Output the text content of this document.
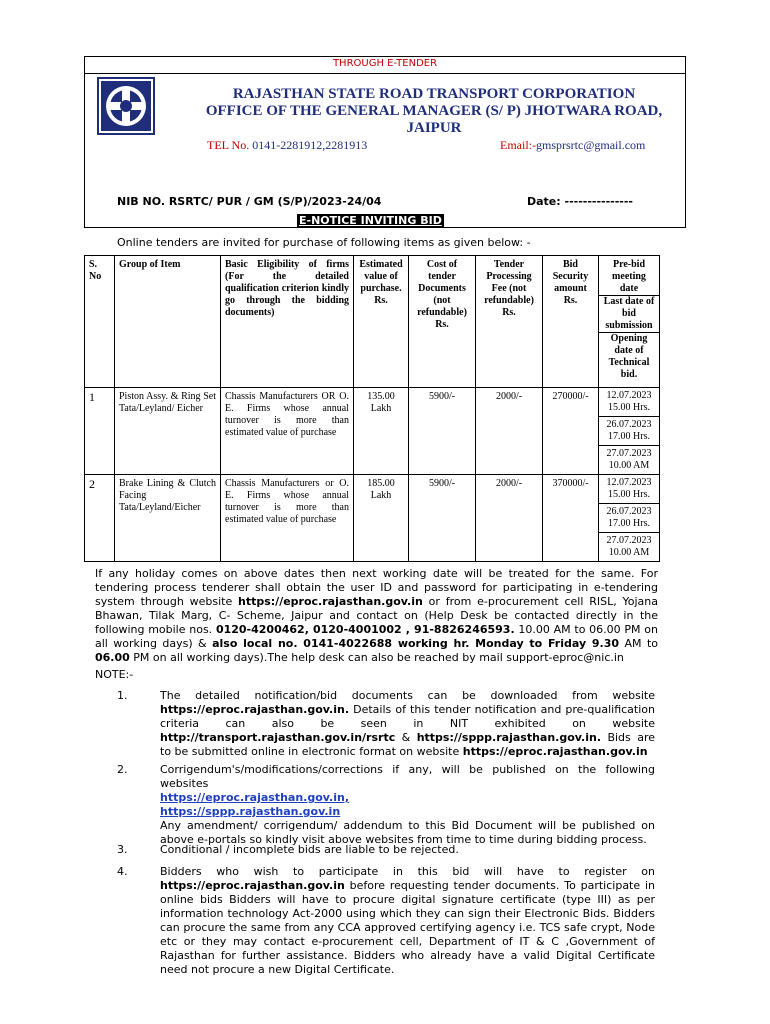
THROUGH E-TENDER
RAJASTHAN STATE ROAD TRANSPORT CORPORATION
OFFICE OF THE GENERAL MANAGER (S/ P) JHOTWARA ROAD,
JAIPUR
TEL No. 0141-2281912,2281913	Email:-gmsprsrtc@gmail.com
NIB NO. RSRTC/ PUR / GM (S/P)/2023-24/04	Date: ---------------
E-NOTICE INVITING BID
Online tenders are invited for purchase of following items as given below: -
S. No	Group of Item	Basic Eligibility of firms (For the detailed qualification criterion kindly go through the bidding documents)	Estimated value of purchase. Rs.	Cost of tender Documents (not refundable) Rs.	Tender Processing Fee (not refundable) Rs.	Bid Security amount Rs.	Pre-bid meeting date
Last date of bid submission
Opening date of Technical bid.

1	Piston Assy. & Ring Set Tata/Leyland/ Eicher	Chassis Manufacturers OR O. E. Firms whose annual turnover is more than estimated value of purchase	135.00 Lakh	5900/-	2000/-	270000/-	12.07.2023 15.00 Hrs.
26.07.2023 17.00 Hrs.
27.07.2023 10.00 AM

2	Brake Lining & Clutch Facing Tata/Leyland/Eicher	Chassis Manufacturers or O. E. Firms whose annual turnover is more than estimated value of purchase	185.00 Lakh	5900/-	2000/-	370000/-	12.07.2023 15.00 Hrs.
26.07.2023 17.00 Hrs.
27.07.2023 10.00 AM
If any holiday comes on above dates then next working date will be treated for the same. For tendering process tenderer shall obtain the user ID and password for participating in e-tendering system through website https://eproc.rajasthan.gov.in or from e-procurement cell RISL, Yojana Bhawan, Tilak Marg, C- Scheme, Jaipur and contact on (Help Desk be contacted directly in the following mobile nos. 0120-4200462, 0120-4001002 , 91-8826246593. 10.00 AM to 06.00 PM on all working days) & also local no. 0141-4022688 working hr. Monday to Friday 9.30 AM to 06.00 PM on all working days).The help desk can also be reached by mail support-eproc@nic.in
NOTE:-
1.	The detailed notification/bid documents can be downloaded from website https://eproc.rajasthan.gov.in. Details of this tender notification and pre-qualification criteria can also be seen in NIT exhibited on website http://transport.rajasthan.gov.in/rsrtc & https://sppp.rajasthan.gov.in. Bids are to be submitted online in electronic format on website https://eproc.rajasthan.gov.in
2.	Corrigendum's/modifications/corrections if any, will be published on the following websites
https://eproc.rajasthan.gov.in,
https://sppp.rajasthan.gov.in
Any amendment/ corrigendum/ addendum to this Bid Document will be published on above e-portals so kindly visit above websites from time to time during bidding process.
3.	Conditional / incomplete bids are liable to be rejected.
4.	Bidders who wish to participate in this bid will have to register on https://eproc.rajasthan.gov.in before requesting tender documents. To participate in online bids Bidders will have to procure digital signature certificate (type III) as per information technology Act-2000 using which they can sign their Electronic Bids. Bidders can procure the same from any CCA approved certifying agency i.e. TCS safe crypt, Node etc or they may contact e-procurement cell, Department of IT & C ,Government of Rajasthan for further assistance. Bidders who already have a valid Digital Certificate need not procure a new Digital Certificate.
